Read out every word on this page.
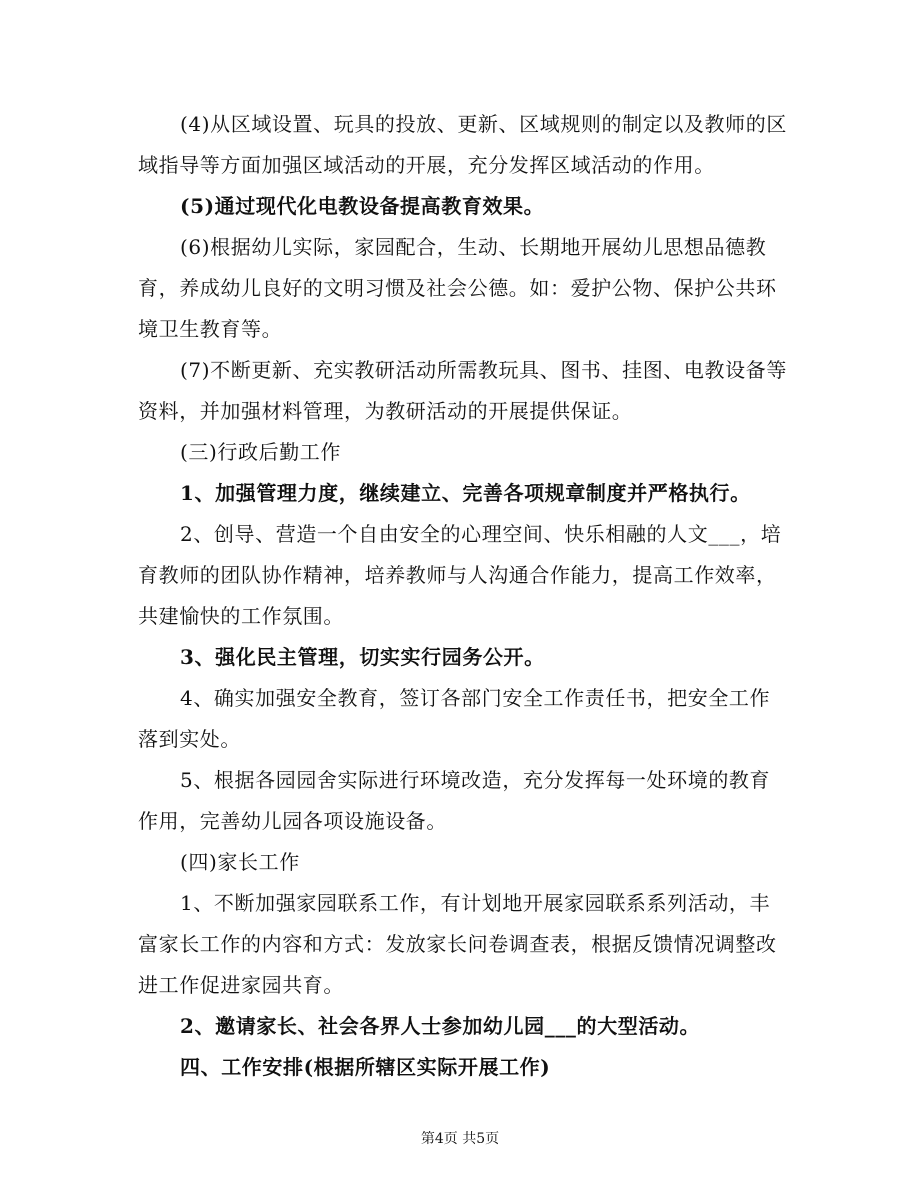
(4)从区域设置、玩具的投放、更新、区域规则的制定以及教师的区域指导等方面加强区域活动的开展，充分发挥区域活动的作用。

(5)通过现代化电教设备提高教育效果。

(6)根据幼儿实际，家园配合，生动、长期地开展幼儿思想品德教育，养成幼儿良好的文明习惯及社会公德。如：爱护公物、保护公共环境卫生教育等。

(7)不断更新、充实教研活动所需教玩具、图书、挂图、电教设备等资料，并加强材料管理，为教研活动的开展提供保证。

(三)行政后勤工作

1、加强管理力度，继续建立、完善各项规章制度并严格执行。

2、创导、营造一个自由安全的心理空间、快乐相融的人文___，培育教师的团队协作精神，培养教师与人沟通合作能力，提高工作效率，共建愉快的工作氛围。

3、强化民主管理，切实实行园务公开。

4、确实加强安全教育，签订各部门安全工作责任书，把安全工作落到实处。

5、根据各园园舍实际进行环境改造，充分发挥每一处环境的教育作用，完善幼儿园各项设施设备。

(四)家长工作

1、不断加强家园联系工作，有计划地开展家园联系系列活动，丰富家长工作的内容和方式：发放家长问卷调查表，根据反馈情况调整改进工作促进家园共育。

2、邀请家长、社会各界人士参加幼儿园___的大型活动。

四、工作安排(根据所辖区实际开展工作)

第4页 共5页
